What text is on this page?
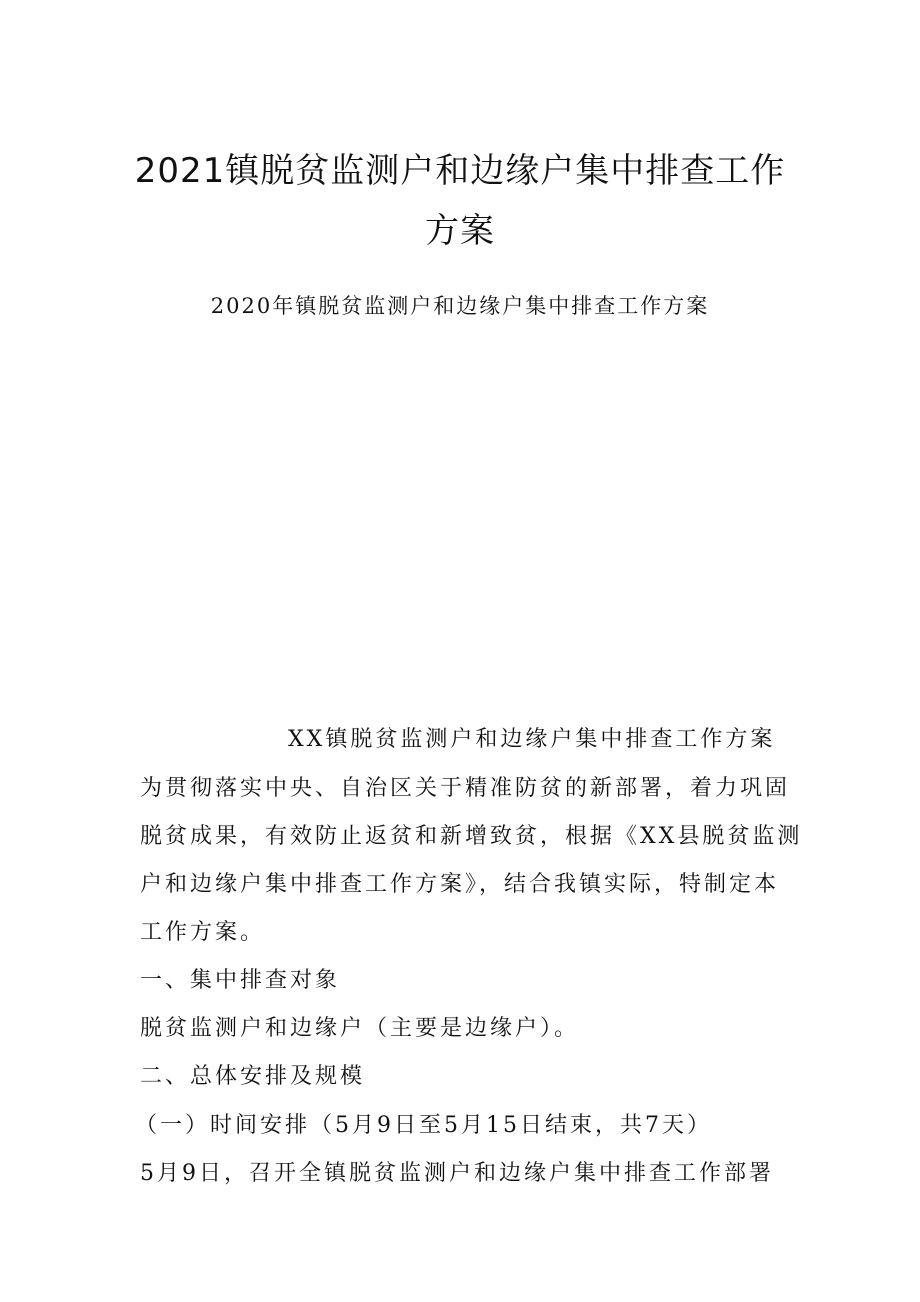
2021镇脱贫监测户和边缘户集中排查工作
方案

2020年镇脱贫监测户和边缘户集中排查工作方案

XX镇脱贫监测户和边缘户集中排查工作方案

为贯彻落实中央、自治区关于精准防贫的新部署，着力巩固

脱贫成果，有效防止返贫和新增致贫，根据《XX县脱贫监测

户和边缘户集中排查工作方案》，结合我镇实际，特制定本

工作方案。

一、集中排查对象

脱贫监测户和边缘户（主要是边缘户）。

二、总体安排及规模

（一）时间安排（5月9日至5月15日结束，共7天）

5月9日，召开全镇脱贫监测户和边缘户集中排查工作部署
